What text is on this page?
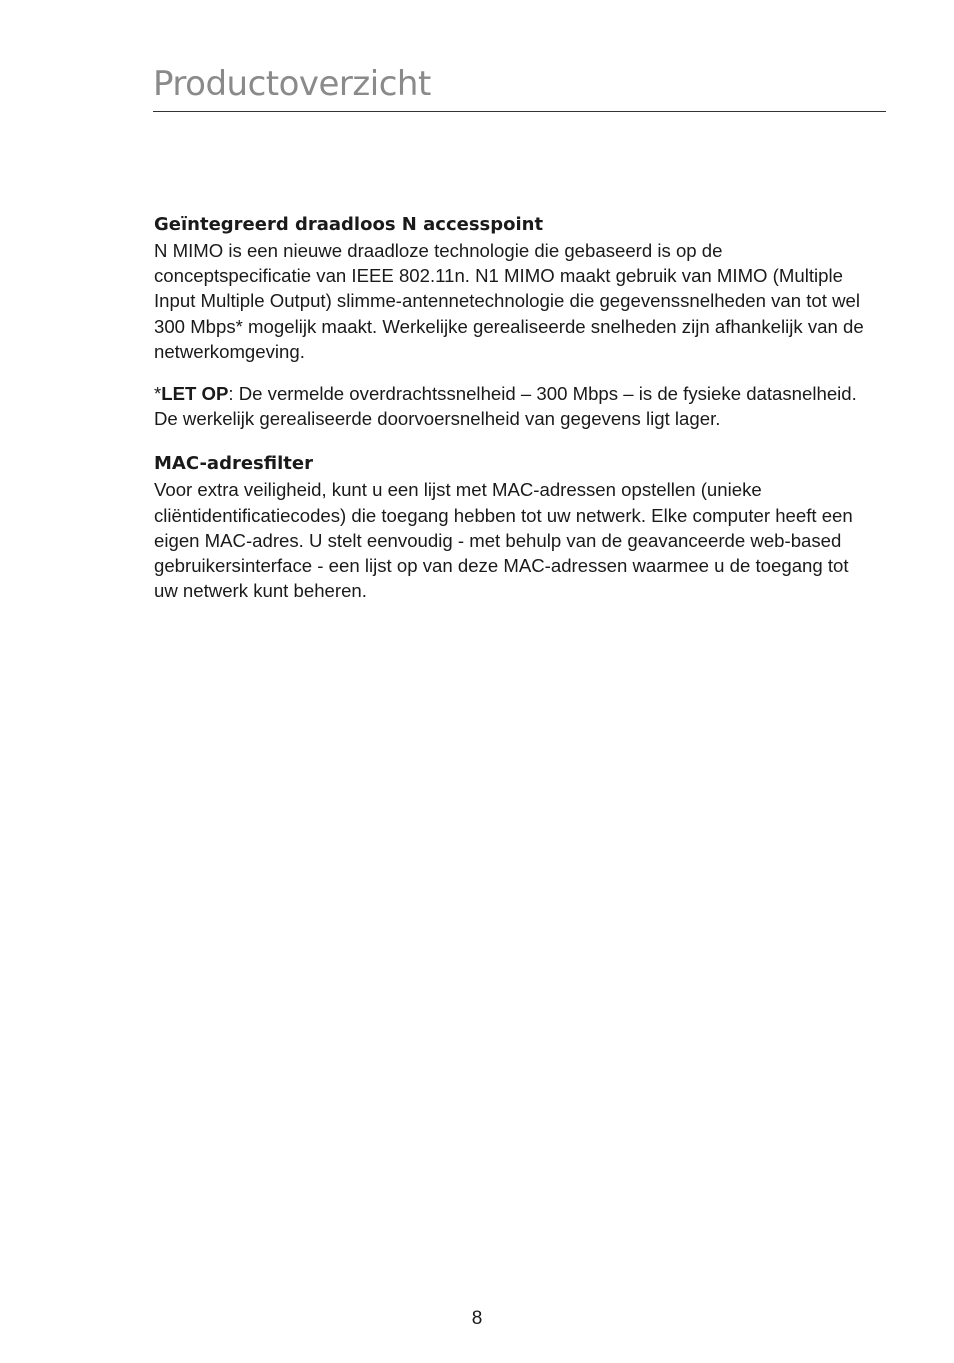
Productoverzicht
Geïntegreerd draadloos N accesspoint

N MIMO is een nieuwe draadloze technologie die gebaseerd is op de conceptspecificatie van IEEE 802.11n. N1 MIMO maakt gebruik van MIMO (Multiple Input Multiple Output) slimme-antennetechnologie die gegevenssnelheden van tot wel 300 Mbps* mogelijk maakt. Werkelijke gerealiseerde snelheden zijn afhankelijk van de netwerkomgeving.

*LET OP: De vermelde overdrachtssnelheid – 300 Mbps – is de fysieke datasnelheid. De werkelijk gerealiseerde doorvoersnelheid van gegevens ligt lager.

MAC-adresfilter

Voor extra veiligheid, kunt u een lijst met MAC-adressen opstellen (unieke cliëntidentificatiecodes) die toegang hebben tot uw netwerk. Elke computer heeft een eigen MAC-adres. U stelt eenvoudig - met behulp van de geavanceerde web-based gebruikersinterface - een lijst op van deze MAC-adressen waarmee u de toegang tot uw netwerk kunt beheren.

8
